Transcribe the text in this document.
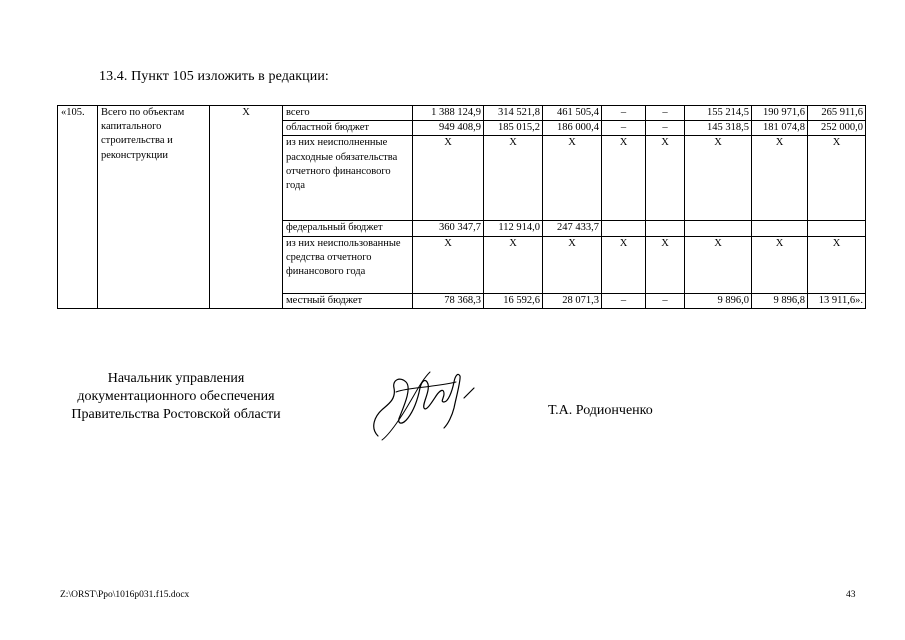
13.4. Пункт 105 изложить в редакции:
«105.	Всего по объектам капитального строительства и реконструкции	Х	всего	1 388 124,9	314 521,8	461 505,4	–	–	155 214,5	190 971,6	265 911,6
			областной бюджет	949 408,9	185 015,2	186 000,4	–	–	145 318,5	181 074,8	252 000,0
			из них неисполненные расходные обязательства отчетного финансового года	Х	Х	Х	Х	Х	Х	Х	Х
			федеральный бюджет	360 347,7	112 914,0	247 433,7					
			из них неиспользованные средства отчетного финансового года	Х	Х	Х	Х	Х	Х	Х	Х
			местный бюджет	78 368,3	16 592,6	28 071,3	–	–	9 896,0	9 896,8	13 911,6».
Начальник управления
документационного обеспечения
Правительства Ростовской области	Т.А. Родионченко
Z:\ORST\Ppo\1016p031.f15.docx	43
